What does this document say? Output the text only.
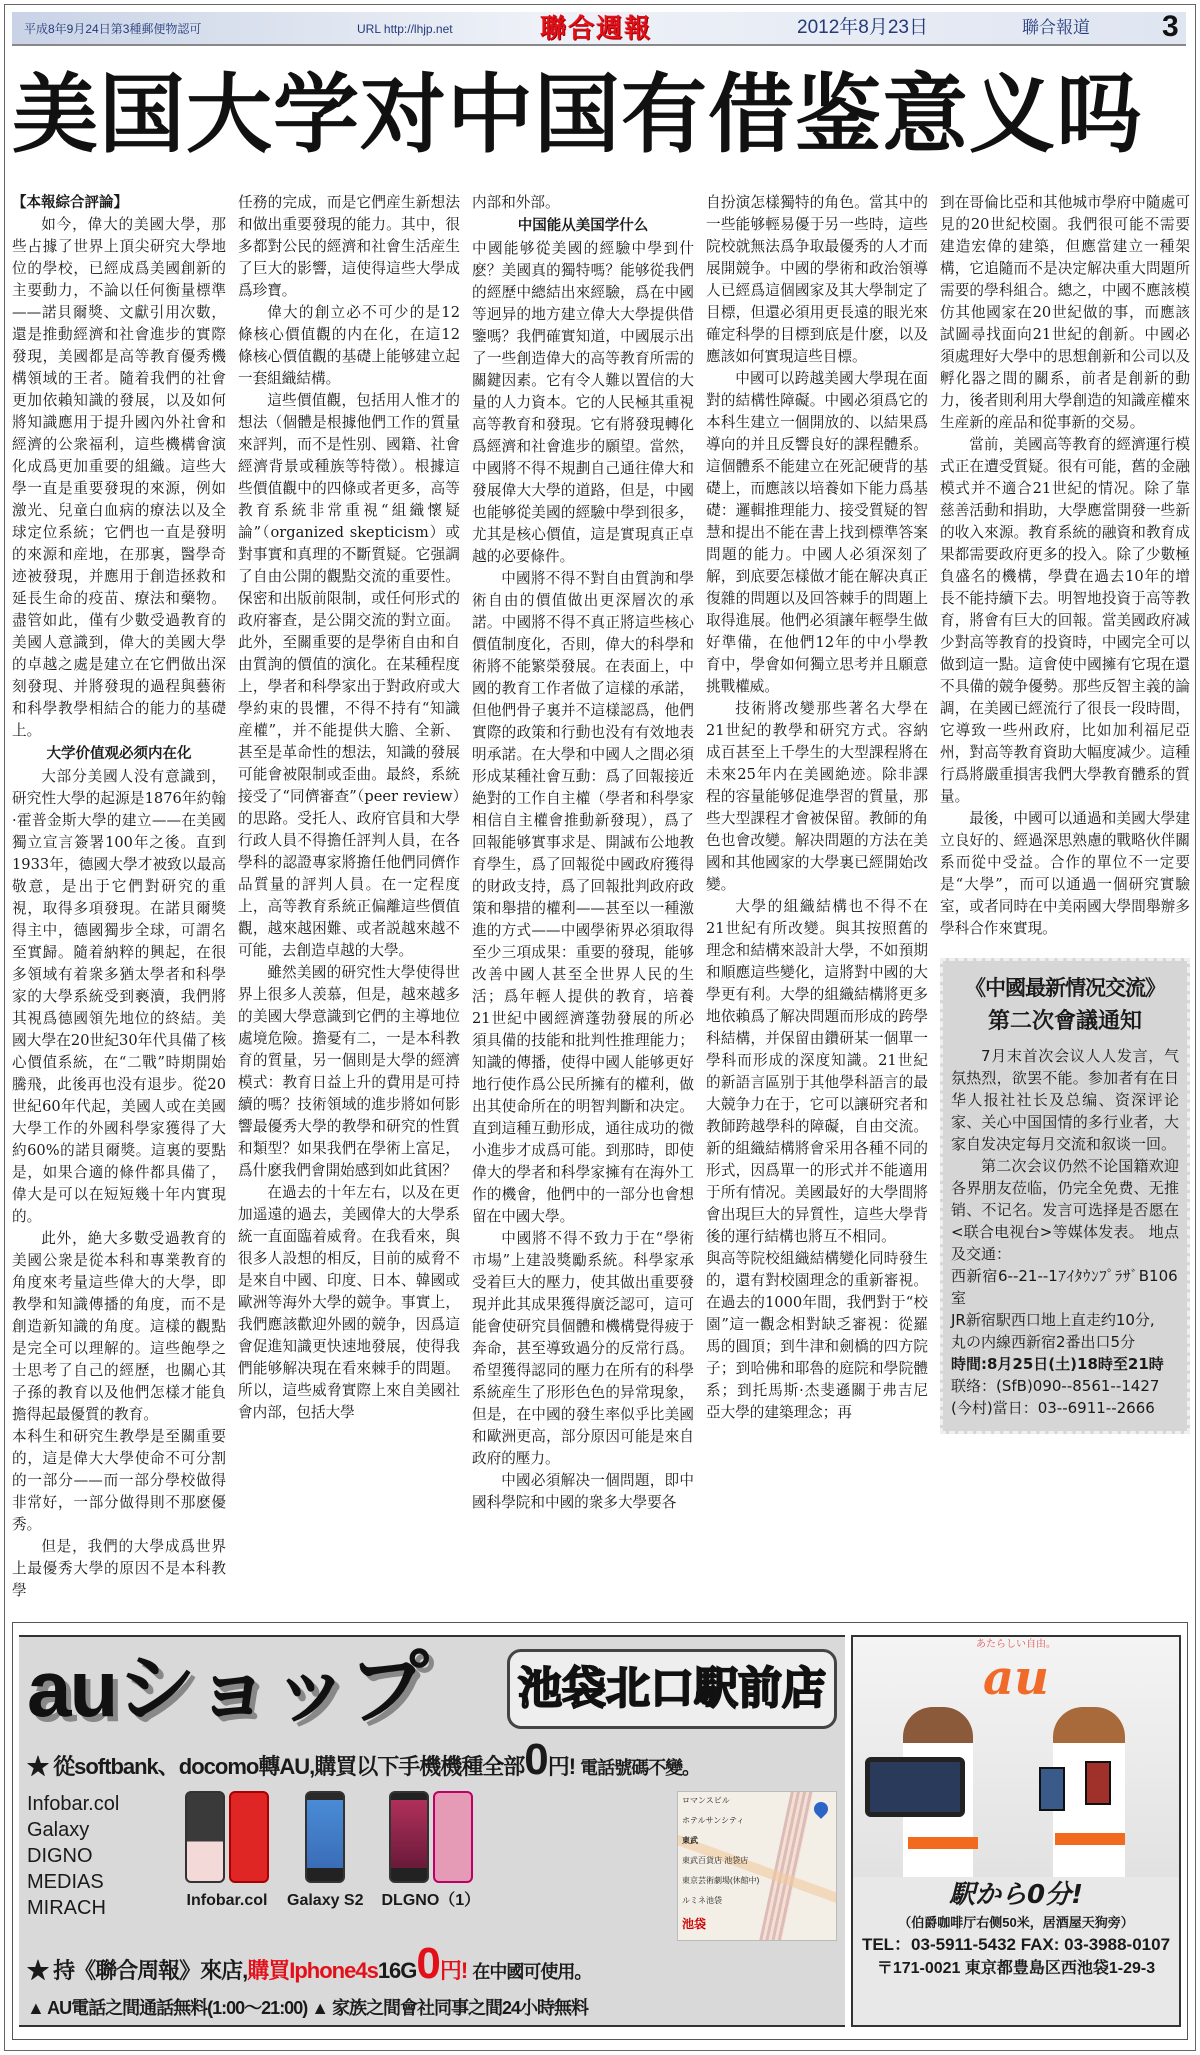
平成8年9月24日第3種郵便物認可	URL http://lhjp.net	聯合週報	2012年8月23日	聯合報道 3
美国大学对中国有借鉴意义吗

【本報綜合評論】

如今，偉大的美國大學，那些占據了世界上頂尖研究大學地位的學校，已經成爲美國創新的主要動力，不論以任何衡量標準——諾貝爾獎、文獻引用次數，還是推動經濟和社會進步的實際發現，美國都是高等教育優秀機構領域的王者。隨着我們的社會更加依賴知識的發展，以及如何將知識應用于提升國內外社會和經濟的公衆福利，這些機構會演化成爲更加重要的組織。這些大學一直是重要發現的來源，例如激光、兒童白血病的療法以及全球定位系統；它們也一直是發明的來源和産地，在那裏，醫學奇迹被發現，并應用于創造拯救和延長生命的疫苗、療法和藥物。盡管如此，僅有少數受過教育的美國人意識到，偉大的美國大學的卓越之處是建立在它們做出深刻發現、并將發現的過程與藝術和科學教學相結合的能力的基礎上。

大学价值观必须内在化

大部分美國人没有意識到，研究性大學的起源是1876年約翰·霍普金斯大學的建立——在美國獨立宣言簽署100年之後。直到1933年，德國大學才被致以最高敬意，是出于它們對研究的重視，取得多項發現。在諾貝爾獎得主中，德國獨步全球，可謂名至實歸。隨着納粹的興起，在很多領域有着衆多猶太學者和科學家的大學系統受到褻瀆，我們將其視爲德國領先地位的終結。美國大學在20世紀30年代具備了核心價值系統，在“二戰”時期開始騰飛，此後再也没有退步。從20世紀60年代起，美國人或在美國大學工作的外國科學家獲得了大約60%的諾貝爾獎。這裏的要點是，如果合適的條件都具備了，偉大是可以在短短幾十年内實現的。

此外，絶大多數受過教育的美國公衆是從本科和專業教育的角度來考量這些偉大的大學，即教學和知識傳播的角度，而不是創造新知識的角度。這樣的觀點是完全可以理解的。這些飽學之士思考了自己的經歷，也關心其子孫的教育以及他們怎樣才能負擔得起最優質的教育。

本科生和研究生教學是至關重要的，這是偉大大學使命不可分割的一部分——而一部分學校做得非常好，一部分做得則不那麽優秀。

但是，我們的大學成爲世界上最優秀大學的原因不是本科教學

任務的完成，而是它們産生新想法和做出重要發現的能力。其中，很多都對公民的經濟和社會生活産生了巨大的影響，這使得這些大學成爲珍寶。

偉大的創立必不可少的是12條核心價值觀的内在化，在這12條核心價值觀的基礎上能够建立起一套組織結構。

這些價值觀，包括用人惟才的想法（個體是根據他們工作的質量來評判，而不是性别、國籍、社會經濟背景或種族等特徵）。根據這些價值觀中的四條或者更多，高等教育系統非常重視“組織懷疑論”（organized skepticism）或對事實和真理的不斷質疑。它强調了自由公開的觀點交流的重要性。保密和出版前限制，或任何形式的政府審查，是公開交流的對立面。此外，至關重要的是學術自由和自由質詢的價值的演化。在某種程度上，學者和科學家出于對政府或大學約束的畏懼，不得不持有“知識産權”，并不能提供大膽、全新、甚至是革命性的想法，知識的發展可能會被限制或歪曲。最終，系統接受了“同儕審查”（peer review）的思路。受托人、政府官員和大學行政人員不得擔任評判人員，在各學科的認證專家將擔任他們同儕作品質量的評判人員。在一定程度上，高等教育系統正偏離這些價值觀，越來越困難、或者説越來越不可能，去創造卓越的大學。

雖然美國的研究性大學使得世界上很多人羡慕，但是，越來越多的美國大學意識到它們的主導地位處境危險。擔憂有二，一是本科教育的質量，另一個則是大學的經濟模式：教育日益上升的費用是可持續的嗎？技術領域的進步將如何影響最優秀大學的教學和研究的性質和類型？如果我們在學術上富足，爲什麽我們會開始感到如此貧困？

在過去的十年左右，以及在更加遥遠的過去，美國偉大的大學系統一直面臨着威脅。在我看來，與很多人設想的相反，目前的威脅不是來自中國、印度、日本、韓國或歐洲等海外大學的競争。事實上，我們應該歡迎外國的競争，因爲這會促進知識更快速地發展，使得我們能够解决現在看來棘手的問題。所以，這些威脅實際上來自美國社會内部，包括大學

内部和外部。

中国能从美国学什么

中國能够從美國的經驗中學到什麽？美國真的獨特嗎？能够從我們的經歷中總結出來經驗，爲在中國等迥异的地方建立偉大大學提供借鑒嗎？我們確實知道，中國展示出了一些創造偉大的高等教育所需的關鍵因素。它有令人難以置信的大量的人力資本。它的人民極其重視高等教育和發現。它有將發現轉化爲經濟和社會進步的願望。當然，中國將不得不規劃自己通往偉大和發展偉大大學的道路，但是，中國也能够從美國的經驗中學到很多，尤其是核心價值，這是實現真正卓越的必要條件。

中國將不得不對自由質詢和學術自由的價值做出更深層次的承諾。中國將不得不真正將這些核心價值制度化，否則，偉大的科學和 術將不能繁榮發展。在表面上，中國的教育工作者做了這樣的承諾，但他們骨子裏并不這樣認爲，他們實際的政策和行動也没有有效地表明承諾。在大學和中國人之間必須形成某種社會互動：爲了回報接近絶對的工作自主權（學者和科學家相信自主權會推動新發現），爲了回報能够實事求是、開誠布公地教育學生，爲了回報從中國政府獲得的財政支持，爲了回報批判政府政策和舉措的權利——甚至以一種激進的方式——中國學術界必須取得至少三項成果：重要的發現，能够改善中國人甚至全世界人民的生活；爲年輕人提供的教育，培養21世紀中國經濟蓬勃發展的所必須具備的技能和批判性推理能力；知識的傳播，使得中國人能够更好地行使作爲公民所擁有的權利，做出其使命所在的明智判斷和决定。直到這種互動形成，通往成功的微小進步才成爲可能。到那時，即使偉大的學者和科學家擁有在海外工作的機會，他們中的一部分也會想留在中國大學。

中國將不得不致力于在“學術市場”上建設獎勵系統。科學家承受着巨大的壓力，使其做出重要發現并此其成果獲得廣泛認可，這可能會使研究員個體和機構覺得疲于奔命，甚至導致過分的反常行爲。希望獲得認同的壓力在所有的科學系統産生了形形色色的异常現象，但是，在中國的發生率似乎比美國和歐洲更高，部分原因可能是來自政府的壓力。

中國必須解决一個問題，即中國科學院和中國的衆多大學要各

自扮演怎樣獨特的角色。當其中的一些能够輕易優于另一些時，這些院校就無法爲争取最優秀的人才而展開競争。中國的學術和政治領導人已經爲這個國家及其大學制定了目標，但還必須用更長遠的眼光來確定科學的目標到底是什麽，以及應該如何實現這些目標。

中國可以跨越美國大學現在面對的結構性障礙。中國必須爲它的本科生建立一個開放的、以結果爲導向的并且反響良好的課程體系。這個體系不能建立在死記硬背的基礎上，而應該以培養如下能力爲基礎：邏輯推理能力、接受質疑的智慧和提出不能在書上找到標準答案問題的能力。中國人必須深刻了解，到底要怎樣做才能在解决真正復雜的問題以及回答棘手的問題上取得進展。他們必須讓年輕學生做好準備，在他們12年的中小學教育中，學會如何獨立思考并且願意挑戰權威。

技術將改變那些著名大學在21世紀的教學和研究方式。容納成百甚至上千學生的大型課程將在未來25年内在美國絶迹。除非課程的容量能够促進學習的質量，那些大型課程才會被保留。教師的角色也會改變。解决問題的方法在美國和其他國家的大學裏已經開始改變。

大學的組織結構也不得不在21世紀有所改變。與其按照舊的理念和結構來設計大學，不如預期和順應這些變化，這將對中國的大學更有利。大學的組織結構將更多地依賴爲了解决問題而形成的跨學科結構，并保留由鑽研某一個單一學科而形成的深度知識。21世紀的新語言區别于其他學科語言的最大競争力在于，它可以讓研究者和教師跨越學科的障礙，自由交流。新的組織結構將會采用各種不同的形式，因爲單一的形式并不能適用于所有情况。美國最好的大學間將會出現巨大的异質性，這些大學背後的運行結構也將互不相同。

與高等院校組織結構變化同時發生的，還有對校園理念的重新審視。在過去的1000年間，我們對于“校園”這一觀念相對缺乏審視：從羅馬的圓頂；到牛津和劍橋的四方院子；到哈佛和耶魯的庭院和學院體系；到托馬斯·杰斐遜關于弗吉尼亞大學的建築理念；再

到在哥倫比亞和其他城市學府中隨處可見的20世紀校園。我們很可能不需要建造宏偉的建築，但應當建立一種架構，它追隨而不是决定解决重大問題所需要的學科組合。總之，中國不應該模仿其他國家在20世紀做的事，而應該試圖尋找面向21世紀的創新。中國必須處理好大學中的思想創新和公司以及孵化器之間的關系，前者是創新的動力，後者則利用大學創造的知識産權來生産新的産品和從事新的交易。

當前，美國高等教育的經濟運行模式正在遭受質疑。很有可能，舊的金融模式并不適合21世紀的情况。除了靠慈善活動和捐助，大學應當開發一些新的收入來源。教育系統的融資和教育成果都需要政府更多的投入。除了少數極負盛名的機構，學費在過去10年的增長不能持續下去。明智地投資于高等教育，將會有巨大的回報。當美國政府减少對高等教育的投資時，中國完全可以做到這一點。這會使中國擁有它現在還不具備的競争優勢。那些反智主義的論調，在美國已經流行了很長一段時間，它導致一些州政府，比如加利福尼亞州，對高等教育資助大幅度减少。這種行爲將嚴重損害我們大學教育體系的質量。

最後，中國可以通過和美國大學建立良好的、經過深思熟慮的戰略伙伴關系而從中受益。合作的單位不一定要是“大學”，而可以通過一個研究實驗室，或者同時在中美兩國大學間舉辦多學科合作來實現。

《中國最新情况交流》
第二次會議通知

7月末首次会议人人发言，气氛热烈，欲罢不能。参加者有在日华人报社社长及总编、资深评论家、关心中国国情的多行业者，大家自发决定每月交流和叙谈一回。

第二次会议仍然不论国籍欢迎各界朋友莅临，仍完全免费、无推销、不记名。发言可选择是否愿在<联合电视台>等媒体发表。 地点及交通：

西新宿6--21--1ｱｲﾀｳﾝﾌﾟﾗｻﾞB106室

JR新宿駅西口地上直走约10分,

丸の内線西新宿2番出口5分

時間:8月25日(土)18時至21時

联络：(SfB)090--8561--1427

(今村)當日：03--6911--2666

auショップ 池袋北口駅前店
★ 從softbank、docomo轉AU,購買以下手機機種全部0円! 電話號碼不變。
Infobar.col
Galaxy
DIGNO
MEDIAS
MIRACH	Infobar.col Galaxy S2 DLGNO（1）
ロマンスビル
ホテルサンシティ
東武
東武百貨店 池袋店
東京芸術劇場(休館中)
ルミネ池袋
池袋
★ 持《聯合周報》來店,購買Iphone4s16G0円! 在中國可使用。
▲ AU電話之間通話無料(1:00～21:00) ▲ 家族之間會社同事之間24小時無料
あたらしい自由。
au
駅から0分!
（伯爵咖啡厅右侧50米，居酒屋天狗旁）
TEL：03-5911-5432 FAX: 03-3988-0107
〒171-0021 東京都豊島区西池袋1-29-3
